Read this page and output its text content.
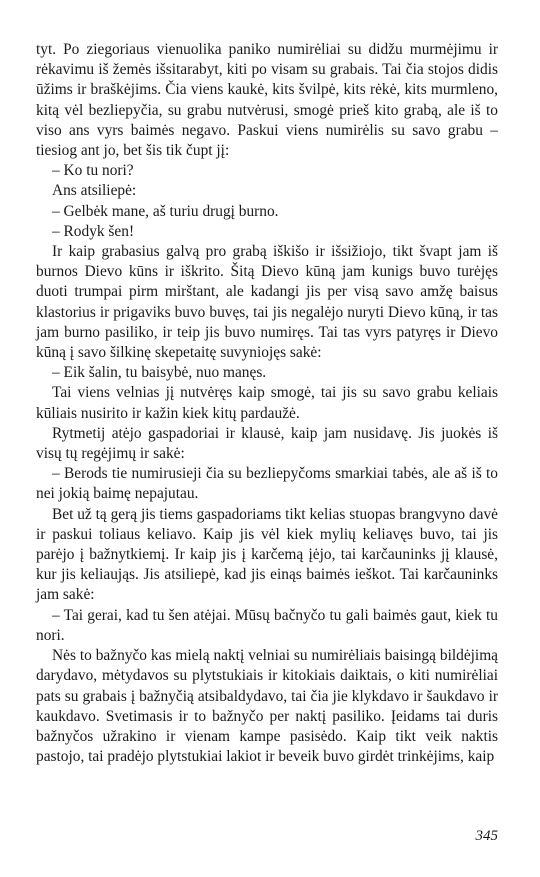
tyt. Po ziegoriaus vienuolika paniko numirėliai su didžu murmėjimu ir rėkavimu iš žemės išsitarabyt, kiti po visam su grabais. Tai čia stojos didis ūžims ir braškėjims. Čia viens kaukė, kits švilpė, kits rėkė, kits murmleno, kitą vėl bezliepyčia, su grabu nutvėrusi, smogė prieš kito grabą, ale iš to viso ans vyrs baimės negavo. Paskui viens numirėlis su savo grabu – tiesiog ant jo, bet šis tik čupt jį:

– Ko tu nori?

Ans atsiliepė:

– Gelbėk mane, aš turiu drugį burno.

– Rodyk šen!

Ir kaip grabasius galvą pro grabą iškišo ir išsižiojo, tikt švapt jam iš burnos Dievo kūns ir iškrito. Šitą Dievo kūną jam kunigs buvo turėjęs duoti trumpai pirm mirštant, ale kadangi jis per visą savo amžę baisus klastorius ir prigaviks buvo buvęs, tai jis negalėjo nuryti Dievo kūną, ir tas jam burno pasiliko, ir teip jis buvo numiręs. Tai tas vyrs patyręs ir Dievo kūną į savo šilkinę skepetaitę suvyniojęs sakė:

– Eik šalin, tu baisybė, nuo manęs.

Tai viens velnias jį nutvėręs kaip smogė, tai jis su savo grabu keliais kūliais nusirito ir kažin kiek kitų pardaužė.

Rytmetij atėjo gaspadoriai ir klausė, kaip jam nusidavę. Jis juokės iš visų tų regėjimų ir sakė:

– Berods tie numirusieji čia su bezliepyčoms smarkiai tabės, ale aš iš to nei jokią baimę nepajutau.

Bet už tą gerą jis tiems gaspadoriams tikt kelias stuopas brangvyno davė ir paskui toliaus keliavo. Kaip jis vėl kiek mylių keliavęs buvo, tai jis parėjo į bažnytkiemį. Ir kaip jis į karčemą įėjo, tai karčauninks jį klausė, kur jis keliaująs. Jis atsiliepė, kad jis einąs baimės ieškot. Tai karčauninks jam sakė:

– Tai gerai, kad tu šen atėjai. Mūsų bačnyčo tu gali baimės gaut, kiek tu nori.

Nės to bažnyčo kas mielą naktį velniai su numirėliais baisingą bildėjimą darydavo, mėtydavos su plytstukiais ir kitokiais daiktais, o kiti numirėliai pats su grabais į bažnyčią atsibaldydavo, tai čia jie klykdavo ir šaukdavo ir kaukdavo. Svetimasis ir to bažnyčo per naktį pasiliko. Įeidams tai duris bažnyčos užrakino ir vienam kampe pasisėdo. Kaip tikt veik naktis pastojo, tai pradėjo plytstukiai lakiot ir beveik buvo girdėt trinkėjims, kaip

345
